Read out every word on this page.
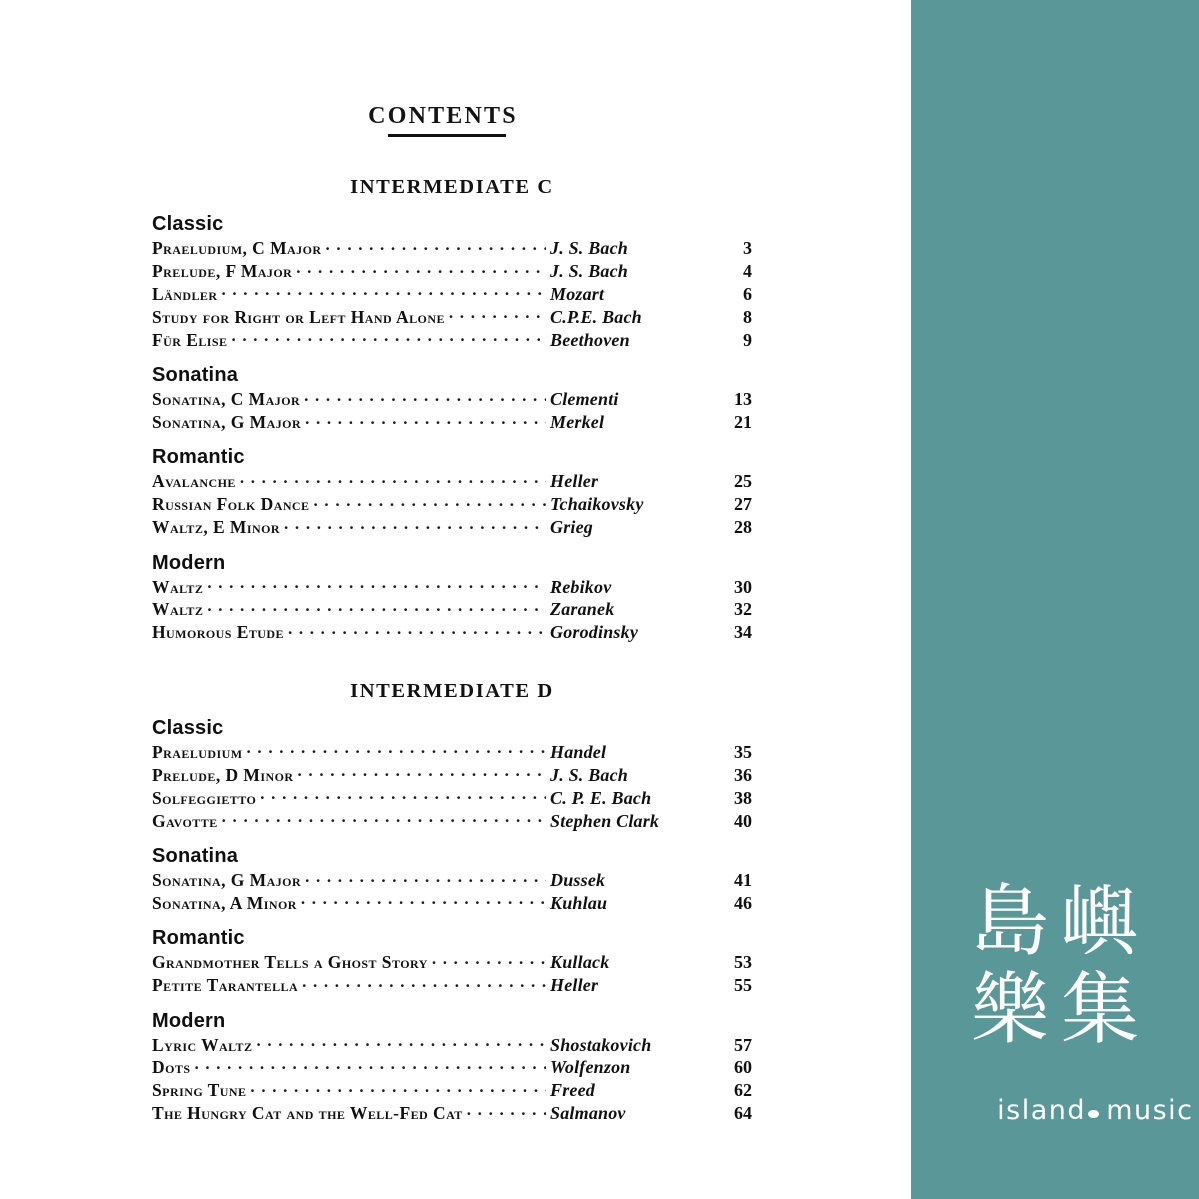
CONTENTS
INTERMEDIATE C
Classic
Praeludium, C Major . . .	J. S. Bach	3
Prelude, F Major . . .	J. S. Bach	4
Ländler . . .	Mozart	6
Study for Right or Left Hand Alone . . .	C.P.E. Bach	8
Für Elise . . .	Beethoven	9
Sonatina
Sonatina, C Major . . .	Clementi	13
Sonatina, G Major . . .	Merkel	21
Romantic
Avalanche . . .	Heller	25
Russian Folk Dance . . .	Tchaikovsky	27
Waltz, E Minor . . .	Grieg	28
Modern
Waltz . . .	Rebikov	30
Waltz . . .	Zaranek	32
Humorous Etude . . .	Gorodinsky	34
INTERMEDIATE D
Classic
Praeludium . . .	Handel	35
Prelude, D Minor . . .	J. S. Bach	36
Solfeggietto . . .	C. P. E. Bach	38
Gavotte . . .	Stephen Clark	40
Sonatina
Sonatina, G Major . . .	Dussek	41
Sonatina, A Minor . . .	Kuhlau	46
Romantic
Grandmother Tells a Ghost Story . . .	Kullack	53
Petite Tarantella . . .	Heller	55
Modern
Lyric Waltz . . .	Shostakovich	57
Dots . . .	Wolfenzon	60
Spring Tune . . .	Freed	62
The Hungry Cat and the Well-Fed Cat . . .	Salmanov	64
島 嶼
樂 集

island music
